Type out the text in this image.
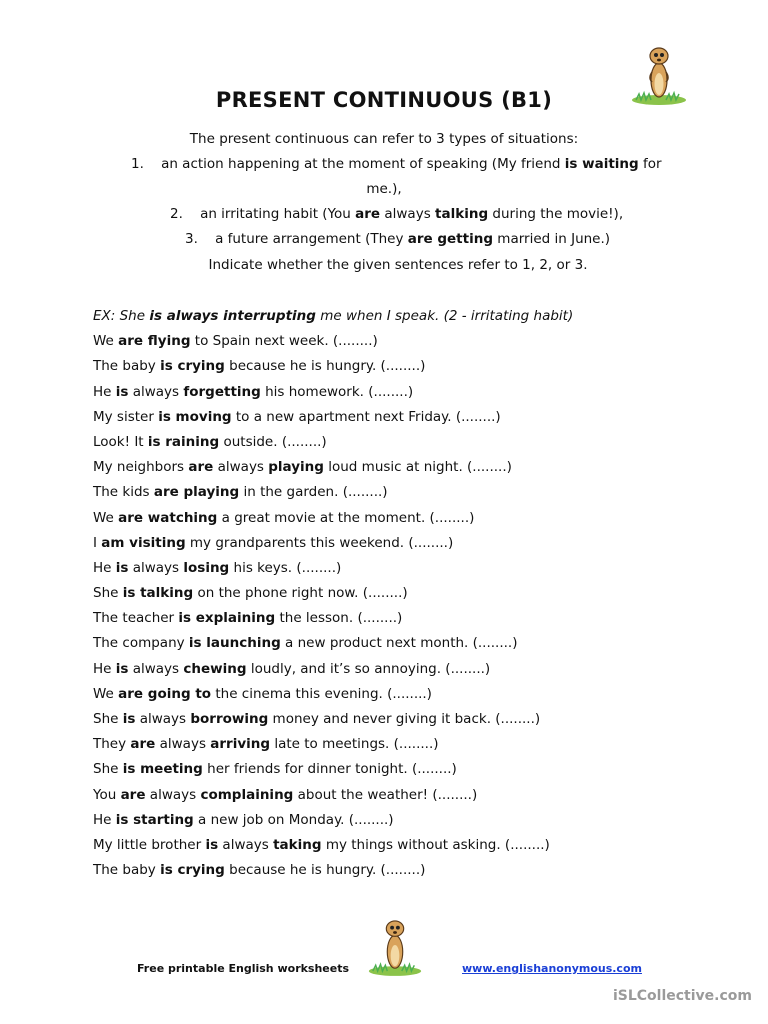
PRESENT CONTINUOUS (B1)
The present continuous can refer to 3 types of situations:
1. an action happening at the moment of speaking (My friend is waiting for
me.),
2. an irritating habit (You are always talking during the movie!),
3. a future arrangement (They are getting married in June.)
Indicate whether the given sentences refer to 1, 2, or 3.
EX: She is always interrupting me when I speak. (2 - irritating habit)
We are flying to Spain next week. (........)
The baby is crying because he is hungry. (........)
He is always forgetting his homework. (........)
My sister is moving to a new apartment next Friday. (........)
Look! It is raining outside. (........)
My neighbors are always playing loud music at night. (........)
The kids are playing in the garden. (........)
We are watching a great movie at the moment. (........)
I am visiting my grandparents this weekend. (........)
He is always losing his keys. (........)
She is talking on the phone right now. (........)
The teacher is explaining the lesson. (........)
The company is launching a new product next month. (........)
He is always chewing loudly, and it’s so annoying. (........)
We are going to the cinema this evening. (........)
She is always borrowing money and never giving it back. (........)
They are always arriving late to meetings. (........)
She is meeting her friends for dinner tonight. (........)
You are always complaining about the weather! (........)
He is starting a new job on Monday. (........)
My little brother is always taking my things without asking. (........)
The baby is crying because he is hungry. (........)
Free printable English worksheets	www.englishanonymous.com
iSLCollective.com
